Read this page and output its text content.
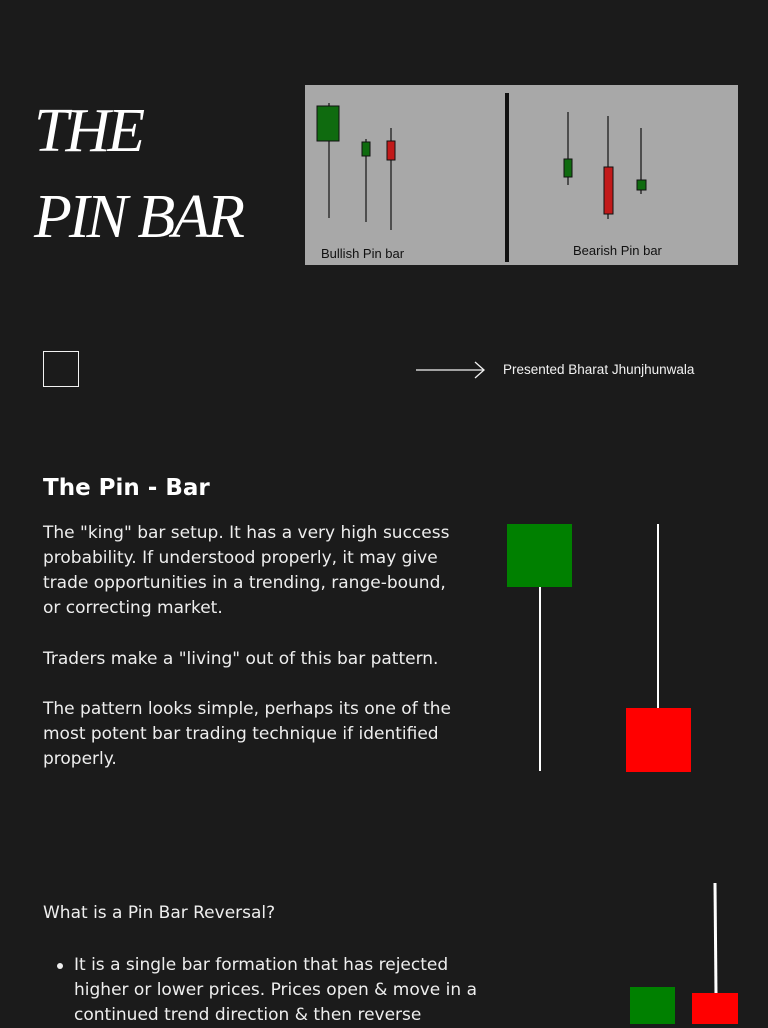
THE
PIN BAR
Bullish Pin bar	Bearish Pin bar
Presented Bharat Jhunjhunwala
The Pin - Bar

The "king" bar setup. It has a very high success probability. If understood properly, it may give trade opportunities in a trending, range-bound, or correcting market.

Traders make a "living" out of this bar pattern.

The pattern looks simple, perhaps its one of the most potent bar trading technique if identified properly.

What is a Pin Bar Reversal?

It is a single bar formation that has rejected higher or lower prices. Prices open & move in a continued trend direction & then reverse
